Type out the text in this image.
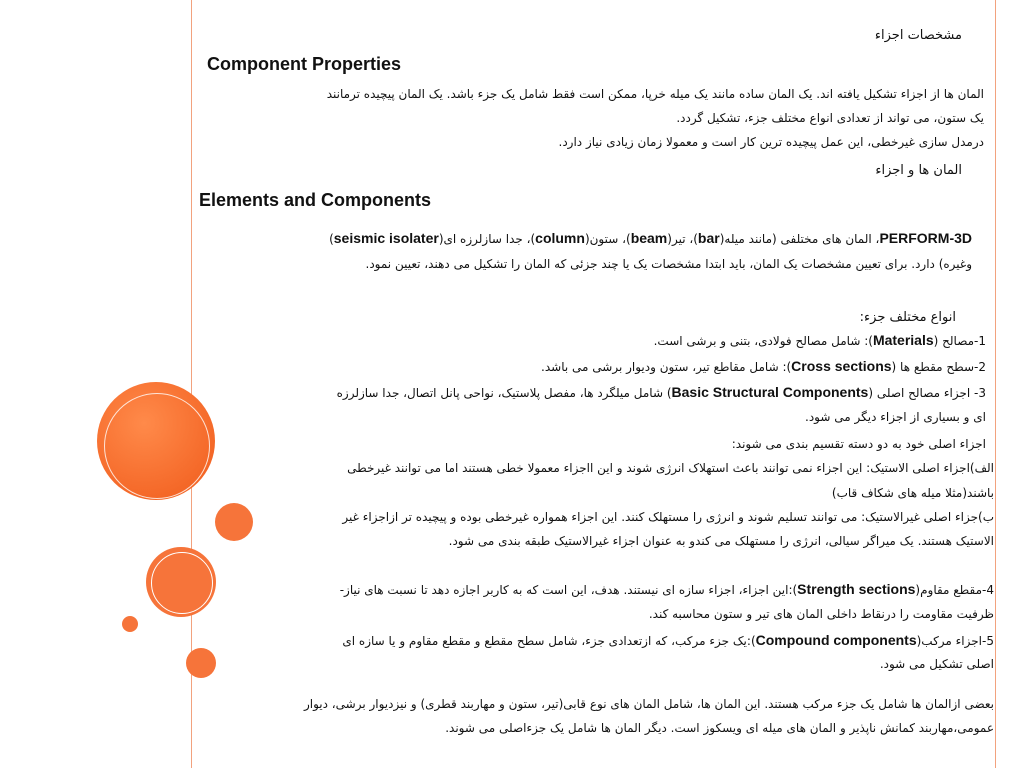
مشخصات اجزاء
Component Properties
المان ها از اجزاء تشکیل یافته اند. یک المان ساده مانند یک میله خرپا، ممکن است فقط شامل یک جزء باشد. یک المان پیچیده ترمانند
یک ستون، می تواند از تعدادی انواع مختلف جزء، تشکیل گردد.
درمدل سازی غیرخطی، این عمل پیچیده ترین کار است و معمولا زمان زیادی نیاز دارد.
المان ها و اجزاء
Elements and Components
PERFORM-3D، المان های مختلفی (مانند میله(bar)، تیر(beam)، ستون(column)، جدا سازلرزه ای(seismic isolater)
وغیره) دارد. برای تعیین مشخصات یک المان، باید ابتدا مشخصات یک یا چند جزئی که المان را تشکیل می دهند، تعیین نمود.
انواع مختلف جزء:
1-مصالح (Materials): شامل مصالح فولادی، بتنی و برشی است.
2-سطح مقطع ها (Cross sections): شامل مقاطع تیر، ستون ودیوار برشی می باشد.
3- اجزاء مصالح اصلی (Basic Structural Components) شامل میلگرد ها، مفصل پلاستیک، نواحی پانل اتصال، جدا سازلرزه
ای و بسیاری از اجزاء دیگر می شود.
اجزاء اصلی خود به دو دسته تقسیم بندی می شوند:
الف)اجزاء اصلی الاستیک: این اجزاء نمی توانند باعث استهلاک انرژی شوند و این ااجزاء معمولا خطی هستند اما می توانند غیرخطی
باشند(مثلا میله های شکاف قاب)
ب)جزاء اصلی غیرالاستیک: می توانند تسلیم شوند و انرژی را مستهلک کنند. این اجزاء همواره غیرخطی بوده و پیچیده تر ازاجزاء غیر
الاستیک هستند. یک میراگر سیالی، انرژی را مستهلک می کندو به عنوان اجزاء غیرالاستیک طبقه بندی می شود.
4-مقطع مقاوم(Strength sections):این اجزاء، اجزاء سازه ای نیستند. هدف، این است که به کاربر اجازه دهد تا نسبت های نیاز-
ظرفیت مقاومت را درنقاط داخلی المان های تیر و ستون محاسبه کند.
5-اجزاء مرکب(Compound components):یک جزء مرکب، که ازتعدادی جزء، شامل سطح مقطع و مقطع مقاوم و یا سازه ای
اصلی تشکیل می شود.
بعضی ازالمان ها شامل یک جزء مرکب هستند. این المان ها، شامل المان های نوع قابی(تیر، ستون و مهاربند قطری) و نیزدیوار برشی، دیوار
عمومی،مهاربند کمانش ناپذیر و المان های میله ای ویسکوز است. دیگر المان ها شامل یک جزءاصلی می شوند.
